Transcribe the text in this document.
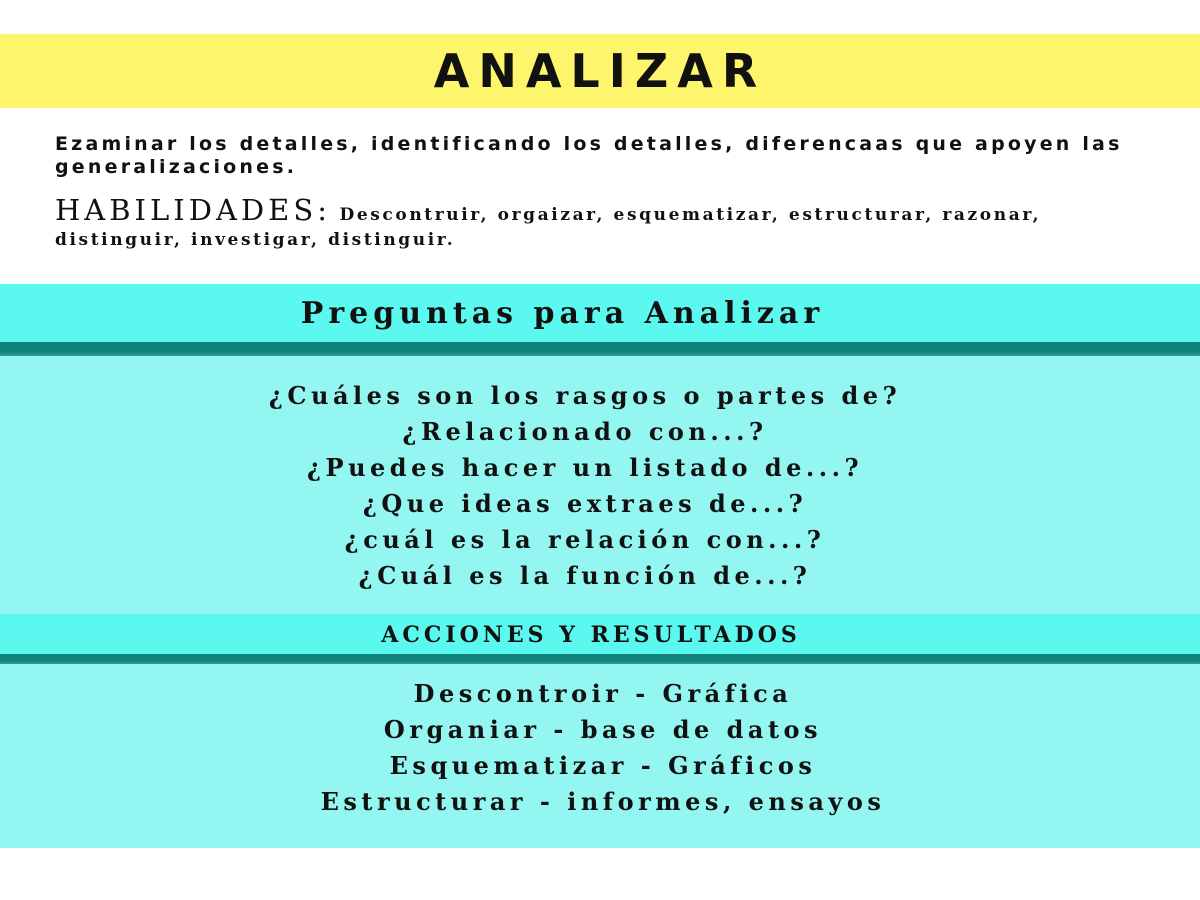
ANALIZAR

Ezaminar los detalles, identificando los detalles, diferencaas que apoyen las generalizaciones.

HABILIDADES: Descontruir, orgaizar, esquematizar, estructurar, razonar, distinguir, investigar, distinguir.

Preguntas para Analizar
¿Cuáles son los rasgos o partes de?
¿Relacionado con...?
¿Puedes hacer un listado de...?
¿Que ideas extraes de...?
¿cuál es la relación con...?
¿Cuál es la función de...?
ACCIONES Y RESULTADOS
Descontroir - Gráfica
Organiar - base de datos
Esquematizar - Gráficos
Estructurar - informes, ensayos
